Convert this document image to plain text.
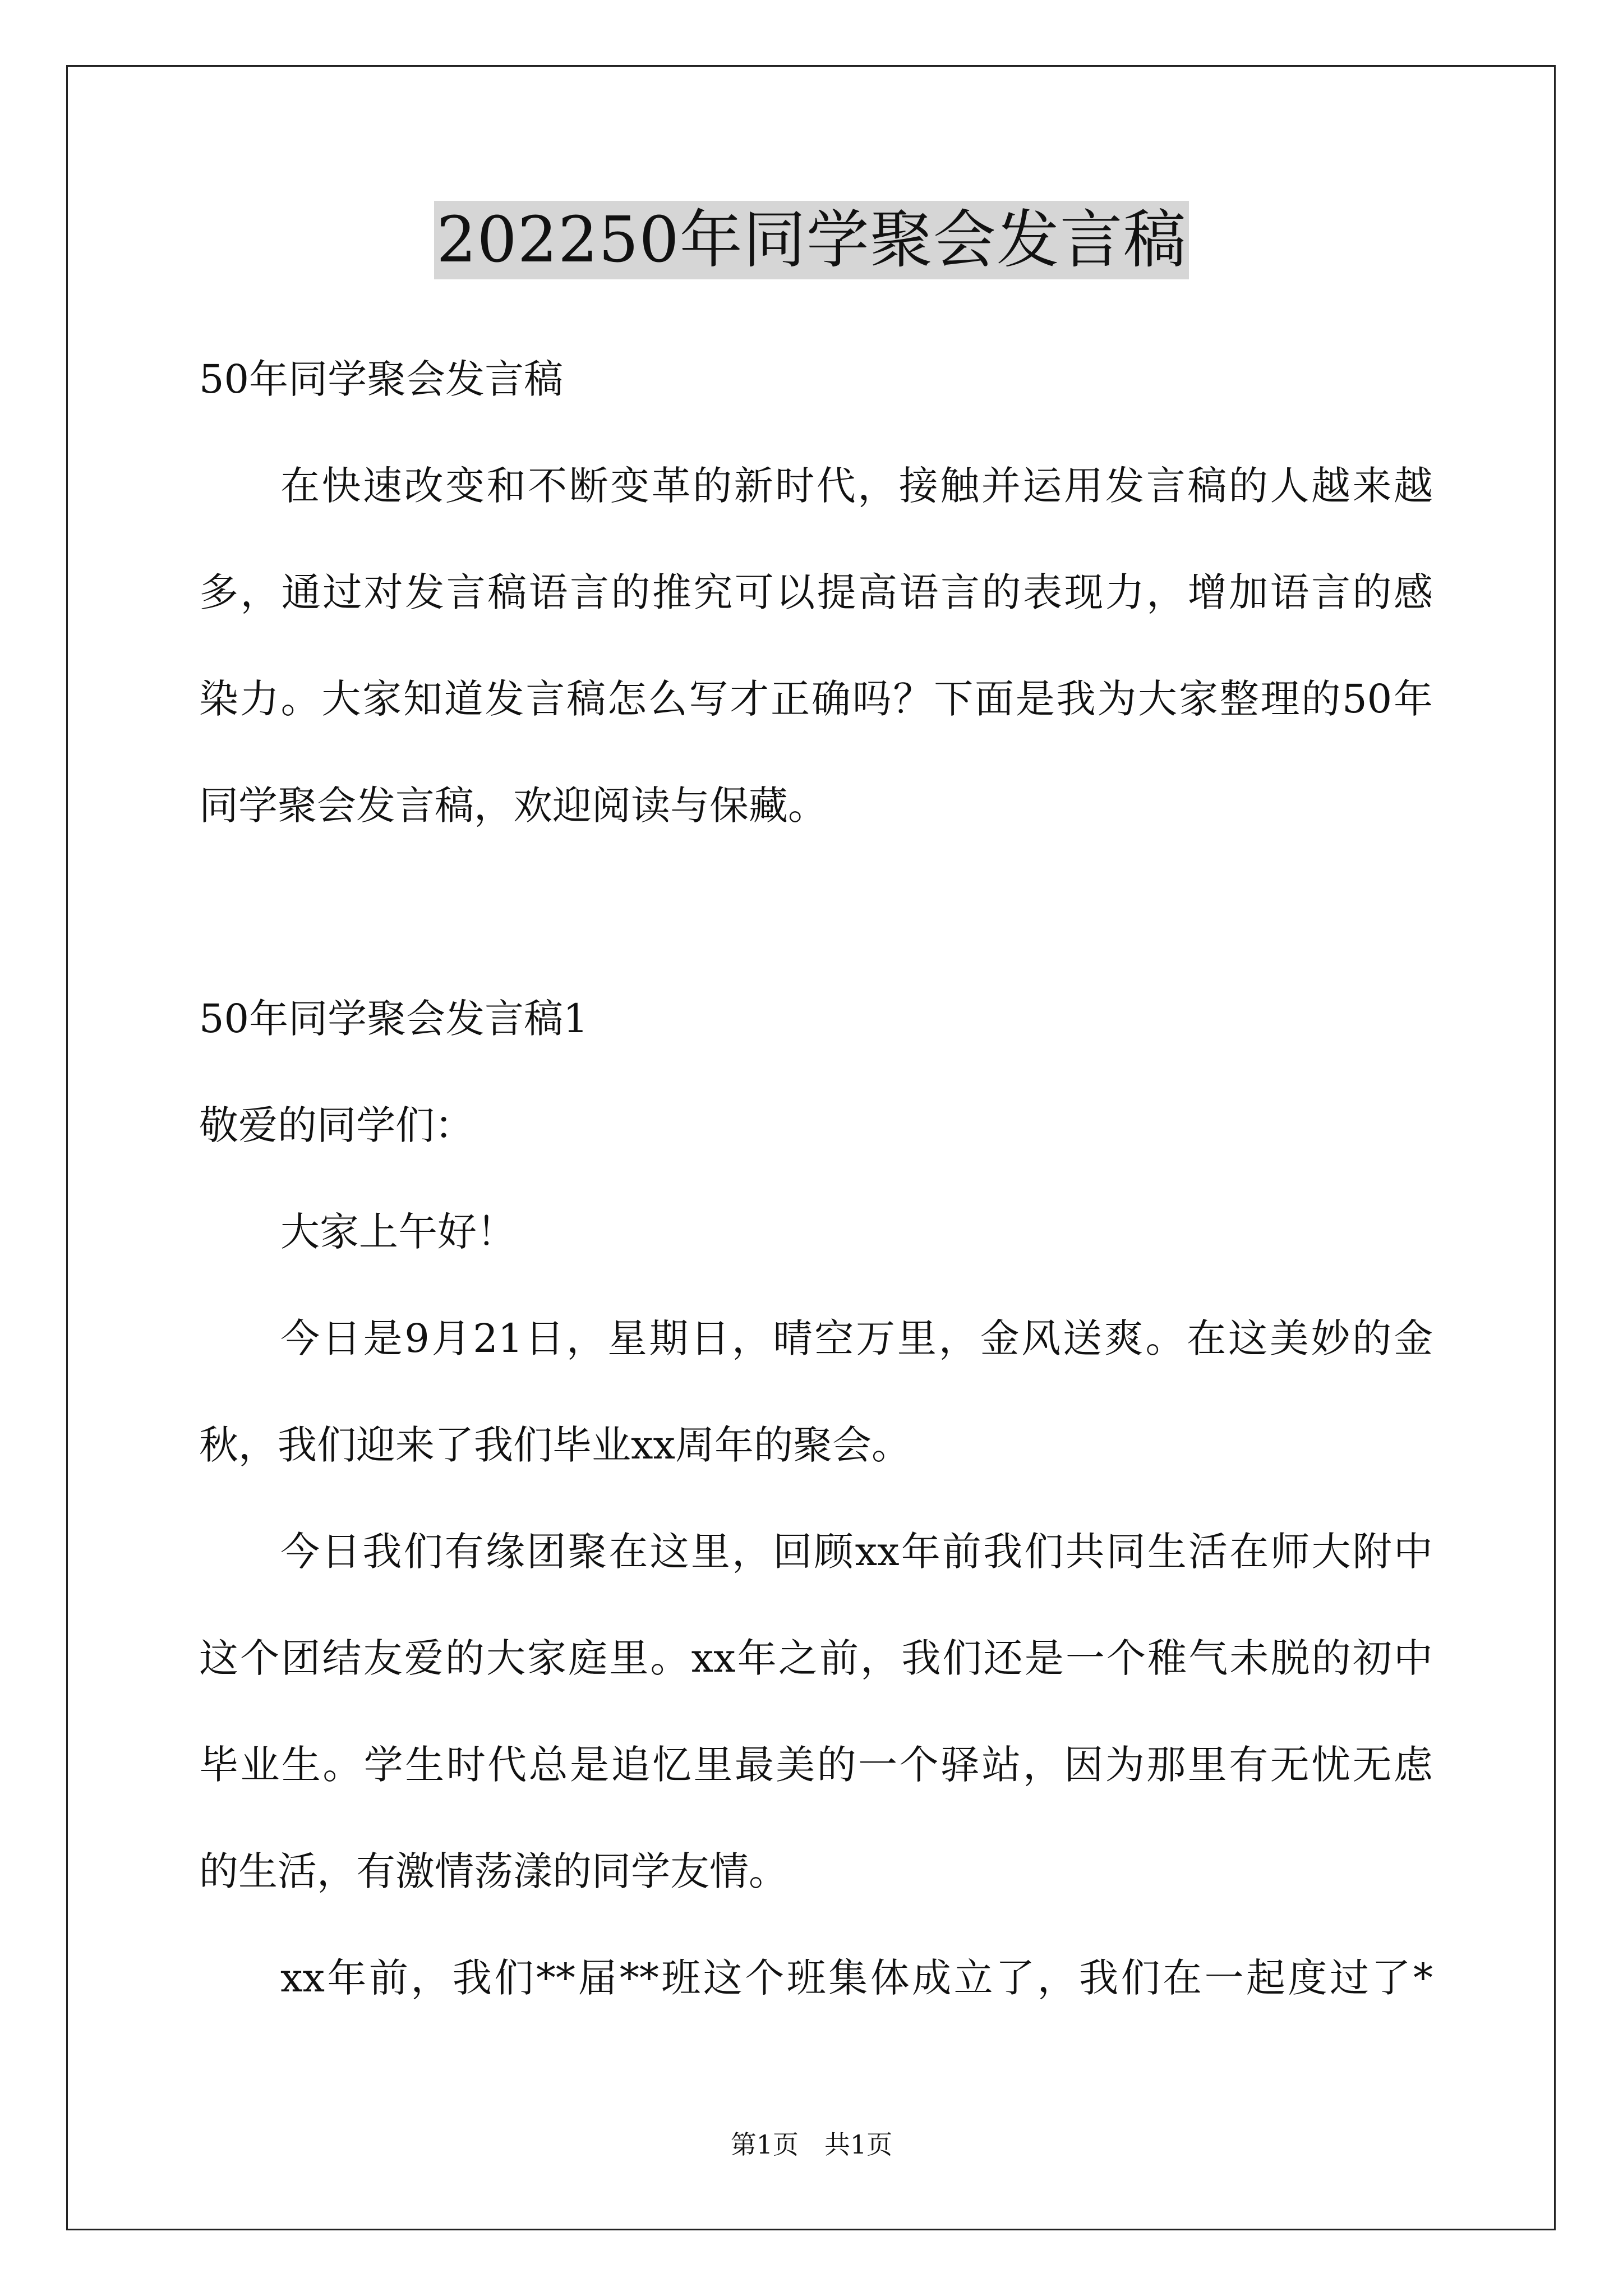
202250年同学聚会发言稿
50年同学聚会发言稿
在快速改变和不断变革的新时代，接触并运用发言稿的人越来越
多，通过对发言稿语言的推究可以提高语言的表现力，增加语言的感
染力。大家知道发言稿怎么写才正确吗？下面是我为大家整理的50年
同学聚会发言稿，欢迎阅读与保藏。
50年同学聚会发言稿1
敬爱的同学们：
大家上午好！
今日是9月21日，星期日，晴空万里，金风送爽。在这美妙的金
秋，我们迎来了我们毕业xx周年的聚会。
今日我们有缘团聚在这里，回顾xx年前我们共同生活在师大附中
这个团结友爱的大家庭里。xx年之前，我们还是一个稚气未脱的初中
毕业生。学生时代总是追忆里最美的一个驿站，因为那里有无忧无虑
的生活，有激情荡漾的同学友情。
xx年前，我们**届**班这个班集体成立了，我们在一起度过了*
第1页　共1页
